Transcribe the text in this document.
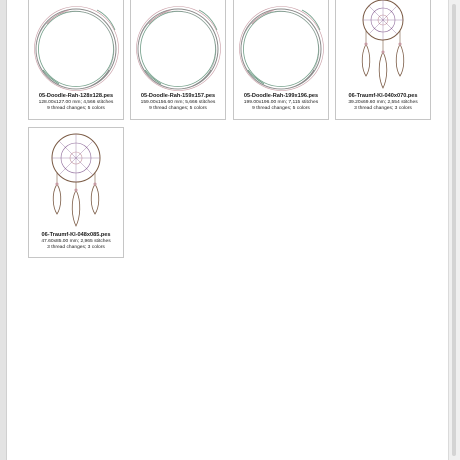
05-Doodle-Rah-128x128.pes
128.00x127.00 mm; 4,566 stitches
9 thread changes; 5 colors
05-Doodle-Rah-159x157.pes
159.00x156.60 mm; 5,666 stitches
9 thread changes; 5 colors
05-Doodle-Rah-199x196.pes
199.00x196.00 mm; 7,115 stitches
9 thread changes; 5 colors
06-Traumf-Kl-040x070.pes
39.20x69.60 mm; 2,554 stitches
3 thread changes; 3 colors
06-Traumf-Kl-048x085.pes
47.60x85.00 mm; 2,965 stitches
3 thread changes; 3 colors
